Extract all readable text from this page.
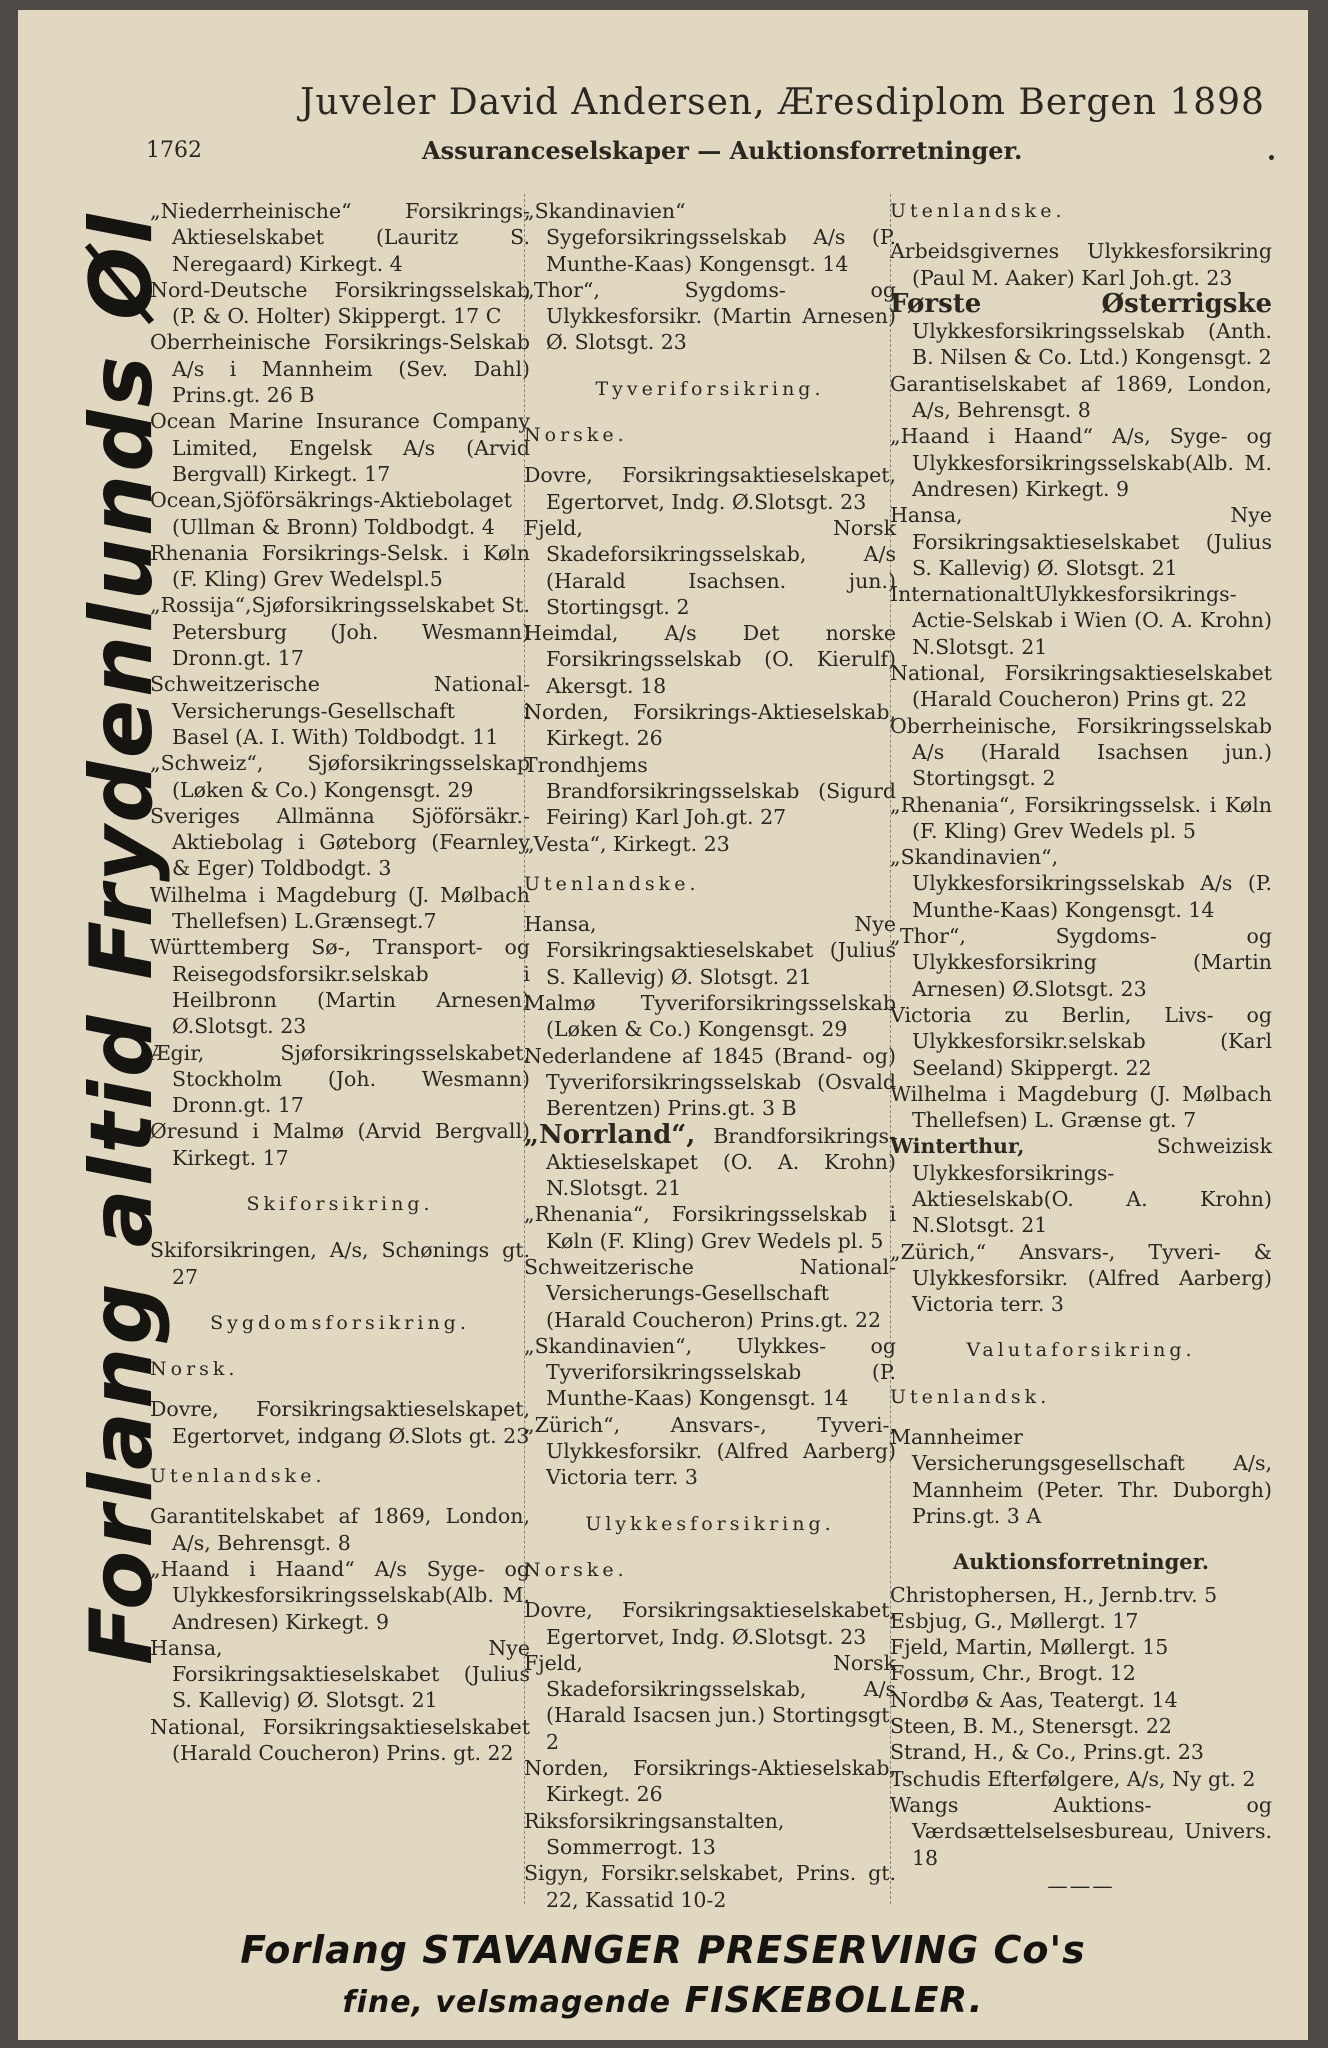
Juveler David Andersen, Æresdiplom Bergen 1898
1762	Assuranceselskaper — Auktionsforretninger.
Forlang altid Frydenlunds Øl

„Niederrheinische“ Forsikrings-Aktieselskabet (Lauritz S. Neregaard) Kirkegt. 4

Nord-Deutsche Forsikringsselskab (P. & O. Holter) Skippergt. 17 C

Oberrheinische Forsikrings-Selskab A/s i Mannheim (Sev. Dahl) Prins.gt. 26 B

Ocean Marine Insurance Company Limited, Engelsk A/s (Arvid Bergvall) Kirkegt. 17

Ocean,Sjöförsäkrings-Aktiebolaget (Ullman & Bronn) Toldbodgt. 4

Rhenania Forsikrings-Selsk. i Køln (F. Kling) Grev Wedelspl.5

„Rossija“,Sjøforsikringsselskabet St. Petersburg (Joh. Wesmann) Dronn.gt. 17

Schweitzerische National-Versicherungs-Gesellschaft i Basel (A. I. With) Toldbodgt. 11

„Schweiz“, Sjøforsikringsselskap (Løken & Co.) Kongensgt. 29

Sveriges Allmänna Sjöförsäkr.-Aktiebolag i Gøteborg (Fearnley & Eger) Toldbodgt. 3

Wilhelma i Magdeburg (J. Mølbach Thellefsen) L.Grænsegt.7

Württemberg Sø-, Transport- og Reisegodsforsikr.selskab i Heilbronn (Martin Arnesen) Ø.Slotsgt. 23

Ægir, Sjøforsikringsselskabet, Stockholm (Joh. Wesmann) Dronn.gt. 17

Øresund i Malmø (Arvid Bergvall) Kirkegt. 17

Skiforsikring.

Skiforsikringen, A/s, Schønings gt. 27

Sygdomsforsikring.
Norsk.

Dovre, Forsikringsaktieselskapet, Egertorvet, indgang Ø.Slots gt. 23

Utenlandske.

Garantitelskabet af 1869, London, A/s, Behrensgt. 8

„Haand i Haand“ A/s Syge- og Ulykkesforsikringsselskab(Alb. M. Andresen) Kirkegt. 9

Hansa, Nye Forsikringsaktieselskabet (Julius S. Kallevig) Ø. Slotsgt. 21

National, Forsikringsaktieselskabet (Harald Coucheron) Prins. gt. 22

„Skandinavien“ Sygeforsikringsselskab A/s (P. Munthe-Kaas) Kongensgt. 14

„Thor“, Sygdoms- og Ulykkesforsikr. (Martin Arnesen) Ø. Slotsgt. 23

Tyveriforsikring.
Norske.

Dovre, Forsikringsaktieselskapet, Egertorvet, Indg. Ø.Slotsgt. 23

Fjeld, Norsk Skadeforsikringsselskab, A/s (Harald Isachsen. jun.) Stortingsgt. 2

Heimdal, A/s Det norske Forsikringsselskab (O. Kierulf) Akersgt. 18

Norden, Forsikrings-Aktieselskab, Kirkegt. 26

Trondhjems Brandforsikringsselskab (Sigurd Feiring) Karl Joh.gt. 27

„Vesta“, Kirkegt. 23

Utenlandske.

Hansa, Nye Forsikringsaktieselskabet (Julius S. Kallevig) Ø. Slotsgt. 21

Malmø Tyveriforsikringsselskab (Løken & Co.) Kongensgt. 29

Nederlandene af 1845 (Brand- og) Tyveriforsikringsselskab (Osvald Berentzen) Prins.gt. 3 B

„Norrland“, Brandforsikrings-Aktieselskapet (O. A. Krohn) N.Slotsgt. 21

„Rhenania“, Forsikringsselskab i Køln (F. Kling) Grev Wedels pl. 5

Schweitzerische National-Versicherungs-Gesellschaft (Harald Coucheron) Prins.gt. 22

„Skandinavien“, Ulykkes- og Tyveriforsikringsselskab (P. Munthe-Kaas) Kongensgt. 14

„Zürich“, Ansvars-, Tyveri-, Ulykkesforsikr. (Alfred Aarberg) Victoria terr. 3

Ulykkesforsikring.
Norske.

Dovre, Forsikringsaktieselskabet, Egertorvet, Indg. Ø.Slotsgt. 23

Fjeld, Norsk Skadeforsikringsselskab, A/s (Harald Isacsen jun.) Stortingsgt. 2

Norden, Forsikrings-Aktieselskab, Kirkegt. 26

Riksforsikringsanstalten, Sommerrogt. 13

Sigyn, Forsikr.selskabet, Prins. gt. 22, Kassatid 10-2

Utenlandske.

Arbeidsgivernes Ulykkesforsikring (Paul M. Aaker) Karl Joh.gt. 23

Første Østerrigske Ulykkesforsikringsselskab (Anth. B. Nilsen & Co. Ltd.) Kongensgt. 2

Garantiselskabet af 1869, London, A/s, Behrensgt. 8

„Haand i Haand“ A/s, Syge- og Ulykkesforsikringsselskab(Alb. M. Andresen) Kirkegt. 9

Hansa, Nye Forsikringsaktieselskabet (Julius S. Kallevig) Ø. Slotsgt. 21

InternationaltUlykkesforsikrings-Actie-Selskab i Wien (O. A. Krohn) N.Slotsgt. 21

National, Forsikringsaktieselskabet (Harald Coucheron) Prins gt. 22

Oberrheinische, Forsikringsselskab A/s (Harald Isachsen jun.) Stortingsgt. 2

„Rhenania“, Forsikringsselsk. i Køln (F. Kling) Grev Wedels pl. 5

„Skandinavien“, Ulykkesforsikringsselskab A/s (P. Munthe-Kaas) Kongensgt. 14

„Thor“, Sygdoms- og Ulykkesforsikring (Martin Arnesen) Ø.Slotsgt. 23

Victoria zu Berlin, Livs- og Ulykkesforsikr.selskab (Karl Seeland) Skippergt. 22

Wilhelma i Magdeburg (J. Mølbach Thellefsen) L. Grænse gt. 7

Winterthur,	Schweizisk Ulykkesforsikrings-Aktieselskab(O. A. Krohn) N.Slotsgt. 21

„Zürich,“ Ansvars-, Tyveri- & Ulykkesforsikr. (Alfred Aarberg) Victoria terr. 3

Valutaforsikring.
Utenlandsk.

Mannheimer Versicherungsgesellschaft A/s, Mannheim (Peter. Thr. Duborgh) Prins.gt. 3 A

Auktionsforretninger.

Christophersen, H., Jernb.trv. 5

Esbjug, G., Møllergt. 17

Fjeld, Martin, Møllergt. 15

Fossum, Chr., Brogt. 12

Nordbø & Aas, Teatergt. 14

Steen, B. M., Stenersgt. 22

Strand, H., & Co., Prins.gt. 23

Tschudis Efterfølgere, A/s, Ny gt. 2

Wangs Auktions- og Værdsættelselsesbureau, Univers. 18

———
Forlang STAVANGER PRESERVING Co's
fine, velsmagende FISKEBOLLER.
